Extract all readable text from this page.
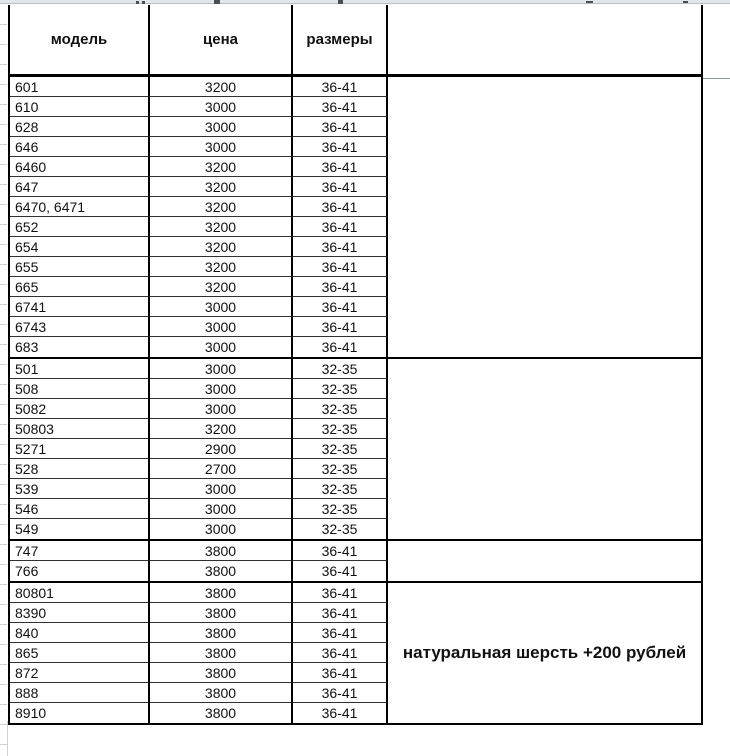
модель	цена	размеры
601	3200	36-41
610	3000	36-41
628	3000	36-41
646	3000	36-41
6460	3200	36-41
647	3200	36-41
6470, 6471	3200	36-41
652	3200	36-41
654	3200	36-41
655	3200	36-41
665	3200	36-41
6741	3000	36-41
6743	3000	36-41
683	3000	36-41
501	3000	32-35
508	3000	32-35
5082	3000	32-35
50803	3200	32-35
5271	2900	32-35
528	2700	32-35
539	3000	32-35
546	3000	32-35
549	3000	32-35
747	3800	36-41
766	3800	36-41
80801	3800	36-41
8390	3800	36-41
840	3800	36-41
865	3800	36-41
872	3800	36-41
888	3800	36-41
8910	3800	36-41
натуральная шерсть +200 рублей
